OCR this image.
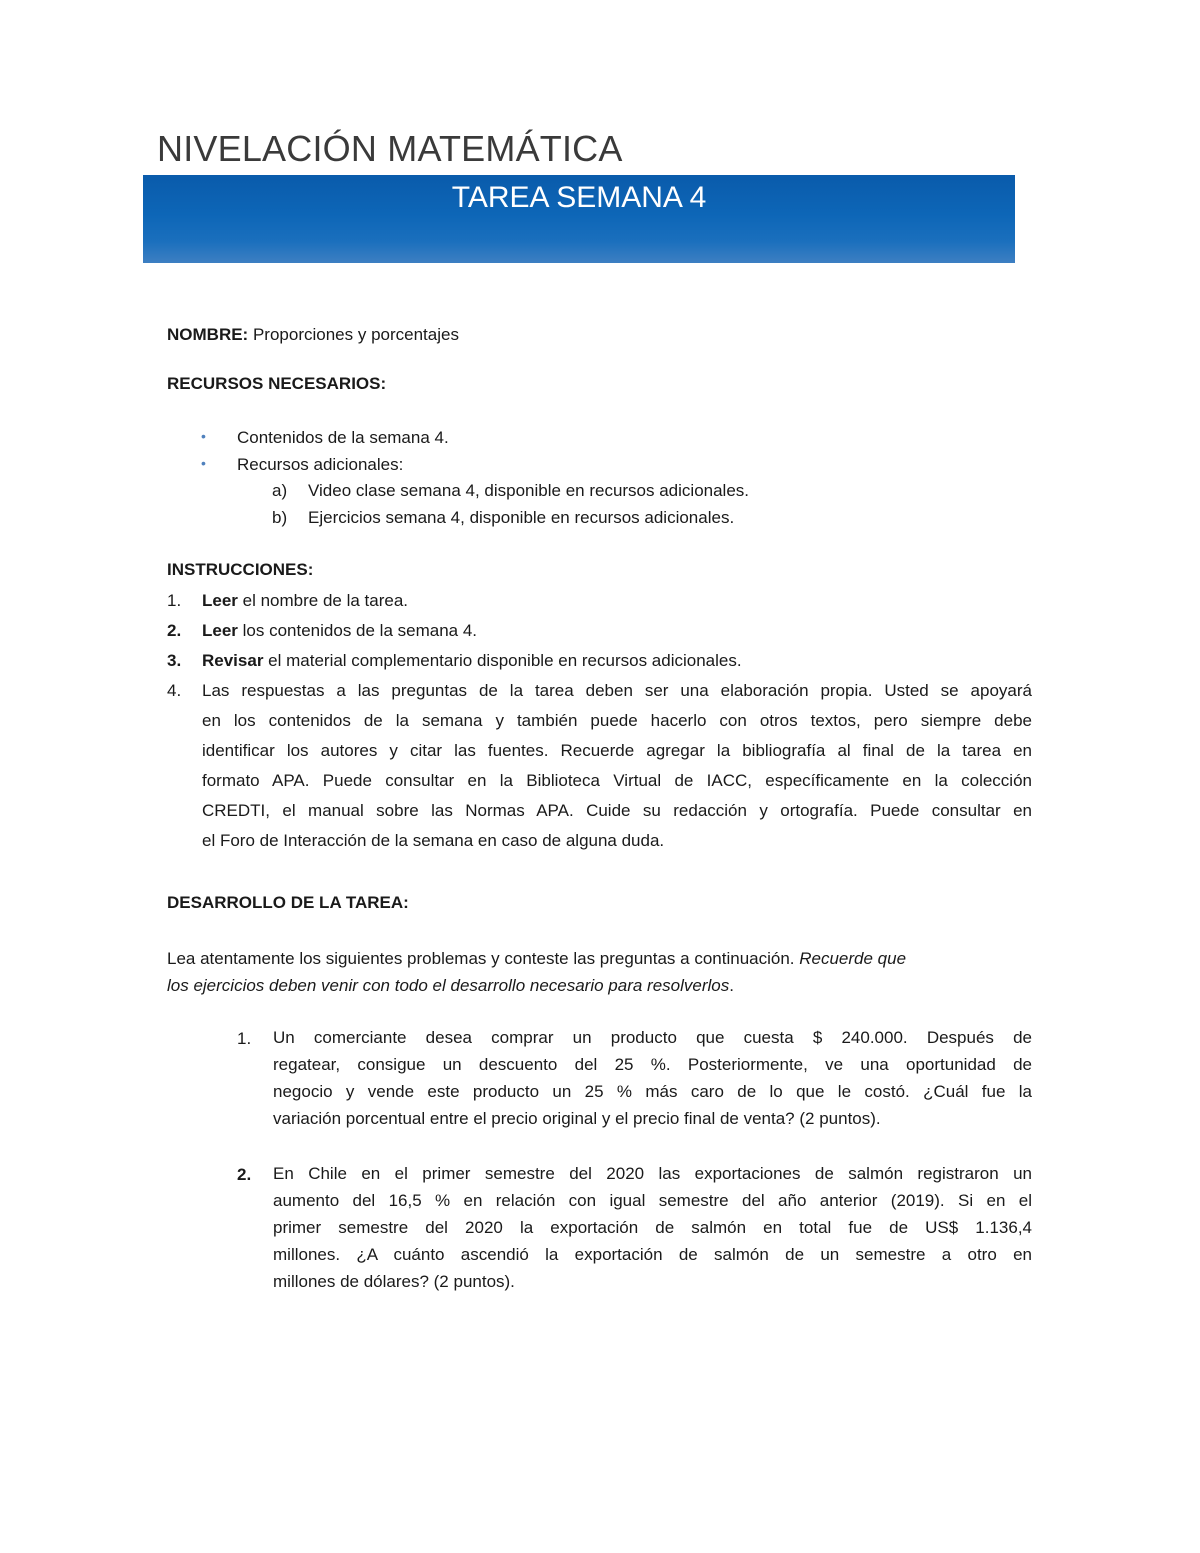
NIVELACIÓN MATEMÁTICA
TAREA SEMANA 4
NOMBRE: Proporciones y porcentajes
RECURSOS NECESARIOS:
• Contenidos de la semana 4.
• Recursos adicionales:
a) Video clase semana 4, disponible en recursos adicionales.
b) Ejercicios semana 4, disponible en recursos adicionales.
INSTRUCCIONES:
1. Leer el nombre de la tarea.
2. Leer los contenidos de la semana 4.
3. Revisar el material complementario disponible en recursos adicionales.
4. Las respuestas a las preguntas de la tarea deben ser una elaboración propia. Usted se apoyará
en los contenidos de la semana y también puede hacerlo con otros textos, pero siempre debe
identificar los autores y citar las fuentes. Recuerde agregar la bibliografía al final de la tarea en
formato APA. Puede consultar en la Biblioteca Virtual de IACC, específicamente en la colección
CREDTI, el manual sobre las Normas APA. Cuide su redacción y ortografía. Puede consultar en
el Foro de Interacción de la semana en caso de alguna duda.
DESARROLLO DE LA TAREA:
Lea atentamente los siguientes problemas y conteste las preguntas a continuación. Recuerde que
los ejercicios deben venir con todo el desarrollo necesario para resolverlos.
1. Un comerciante desea comprar un producto que cuesta $ 240.000. Después de
regatear, consigue un descuento del 25 %. Posteriormente, ve una oportunidad de
negocio y vende este producto un 25 % más caro de lo que le costó. ¿Cuál fue la
variación porcentual entre el precio original y el precio final de venta? (2 puntos).
2. En Chile en el primer semestre del 2020 las exportaciones de salmón registraron un
aumento del 16,5 % en relación con igual semestre del año anterior (2019). Si en el
primer semestre del 2020 la exportación de salmón en total fue de US$ 1.136,4
millones. ¿A cuánto ascendió la exportación de salmón de un semestre a otro en
millones de dólares? (2 puntos).
